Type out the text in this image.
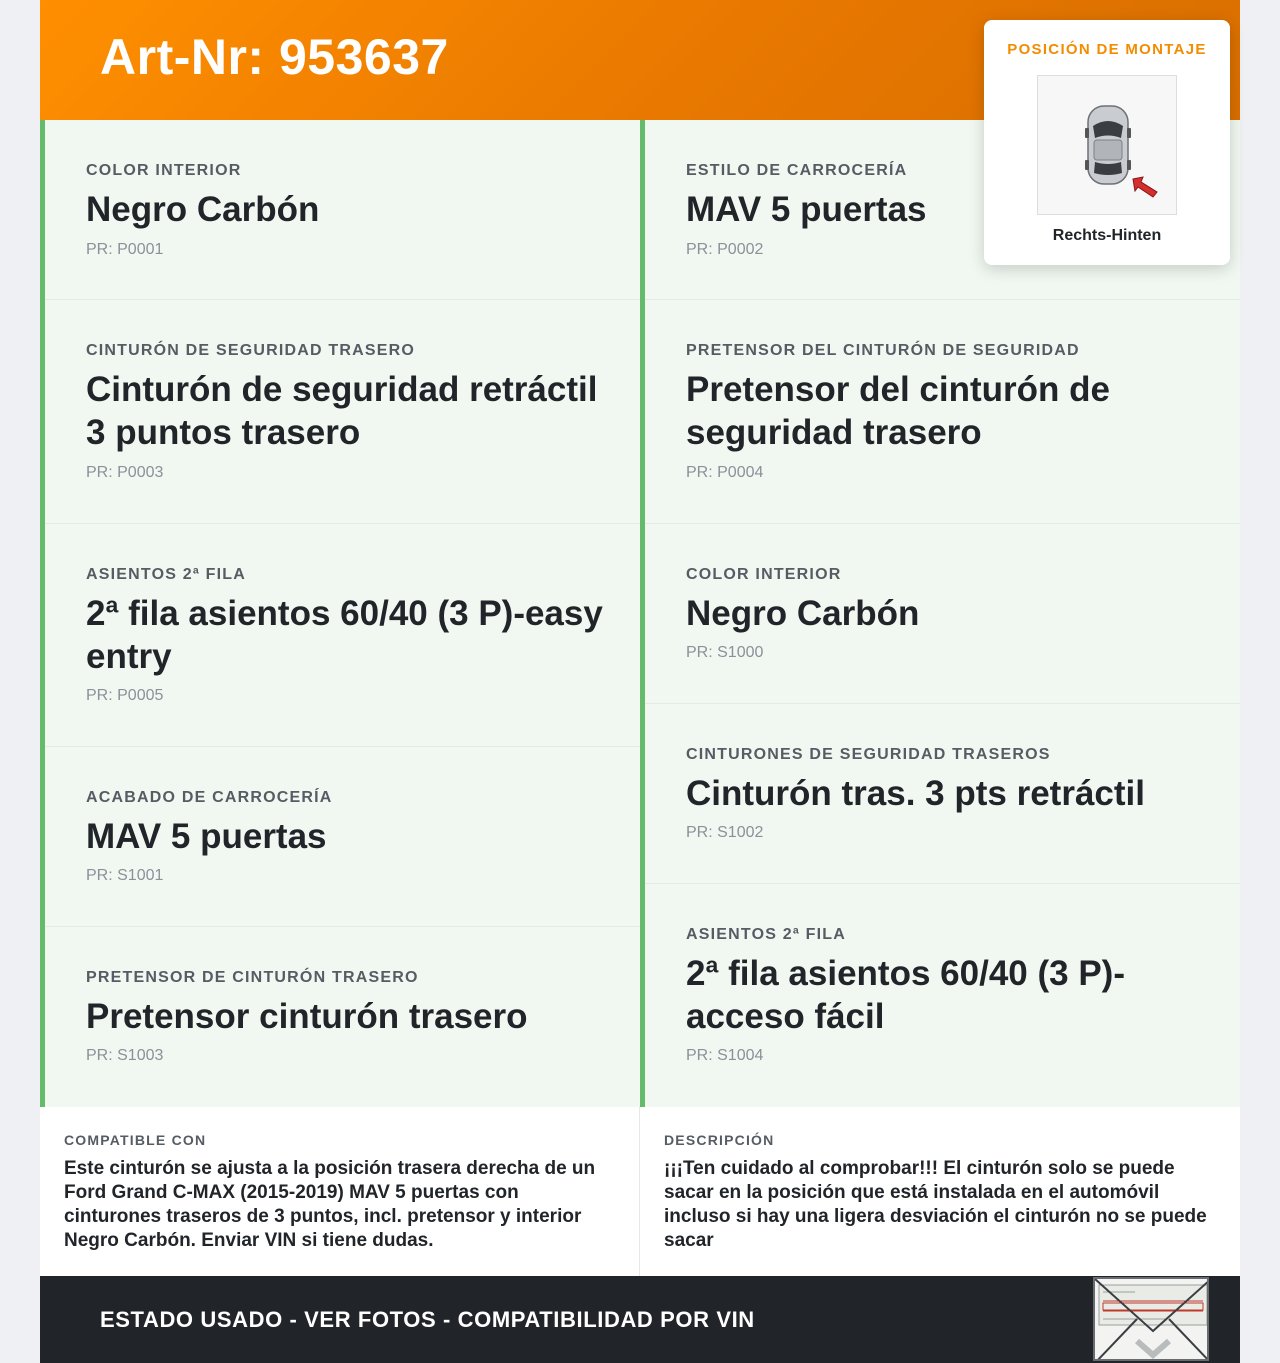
Art-Nr: 953637
COLOR INTERIOR
Negro Carbón
PR: P0001
CINTURÓN DE SEGURIDAD TRASERO
Cinturón de seguridad retráctil 3 puntos trasero
PR: P0003
ASIENTOS 2ª FILA
2ª fila asientos 60/40 (3 P)-easy entry
PR: P0005
ACABADO DE CARROCERÍA
MAV 5 puertas
PR: S1001
PRETENSOR DE CINTURÓN TRASERO
Pretensor cinturón trasero
PR: S1003
ESTILO DE CARROCERÍA
MAV 5 puertas
PR: P0002
PRETENSOR DEL CINTURÓN DE SEGURIDAD
Pretensor del cinturón de seguridad trasero
PR: P0004
COLOR INTERIOR
Negro Carbón
PR: S1000
CINTURONES DE SEGURIDAD TRASEROS
Cinturón tras. 3 pts retráctil
PR: S1002
ASIENTOS 2ª FILA
2ª fila asientos 60/40 (3 P)-acceso fácil
PR: S1004
COMPATIBLE CON
Este cinturón se ajusta a la posición trasera derecha de un Ford Grand C-MAX (2015-2019) MAV 5 puertas con cinturones traseros de 3 puntos, incl. pretensor y interior Negro Carbón. Enviar VIN si tiene dudas.
DESCRIPCIÓN
¡¡¡Ten cuidado al comprobar!!! El cinturón solo se puede sacar en la posición que está instalada en el automóvil incluso si hay una ligera desviación el cinturón no se puede sacar
ESTADO USADO - VER FOTOS - COMPATIBILIDAD POR VIN
POSICIÓN DE MONTAJE
Rechts-Hinten
